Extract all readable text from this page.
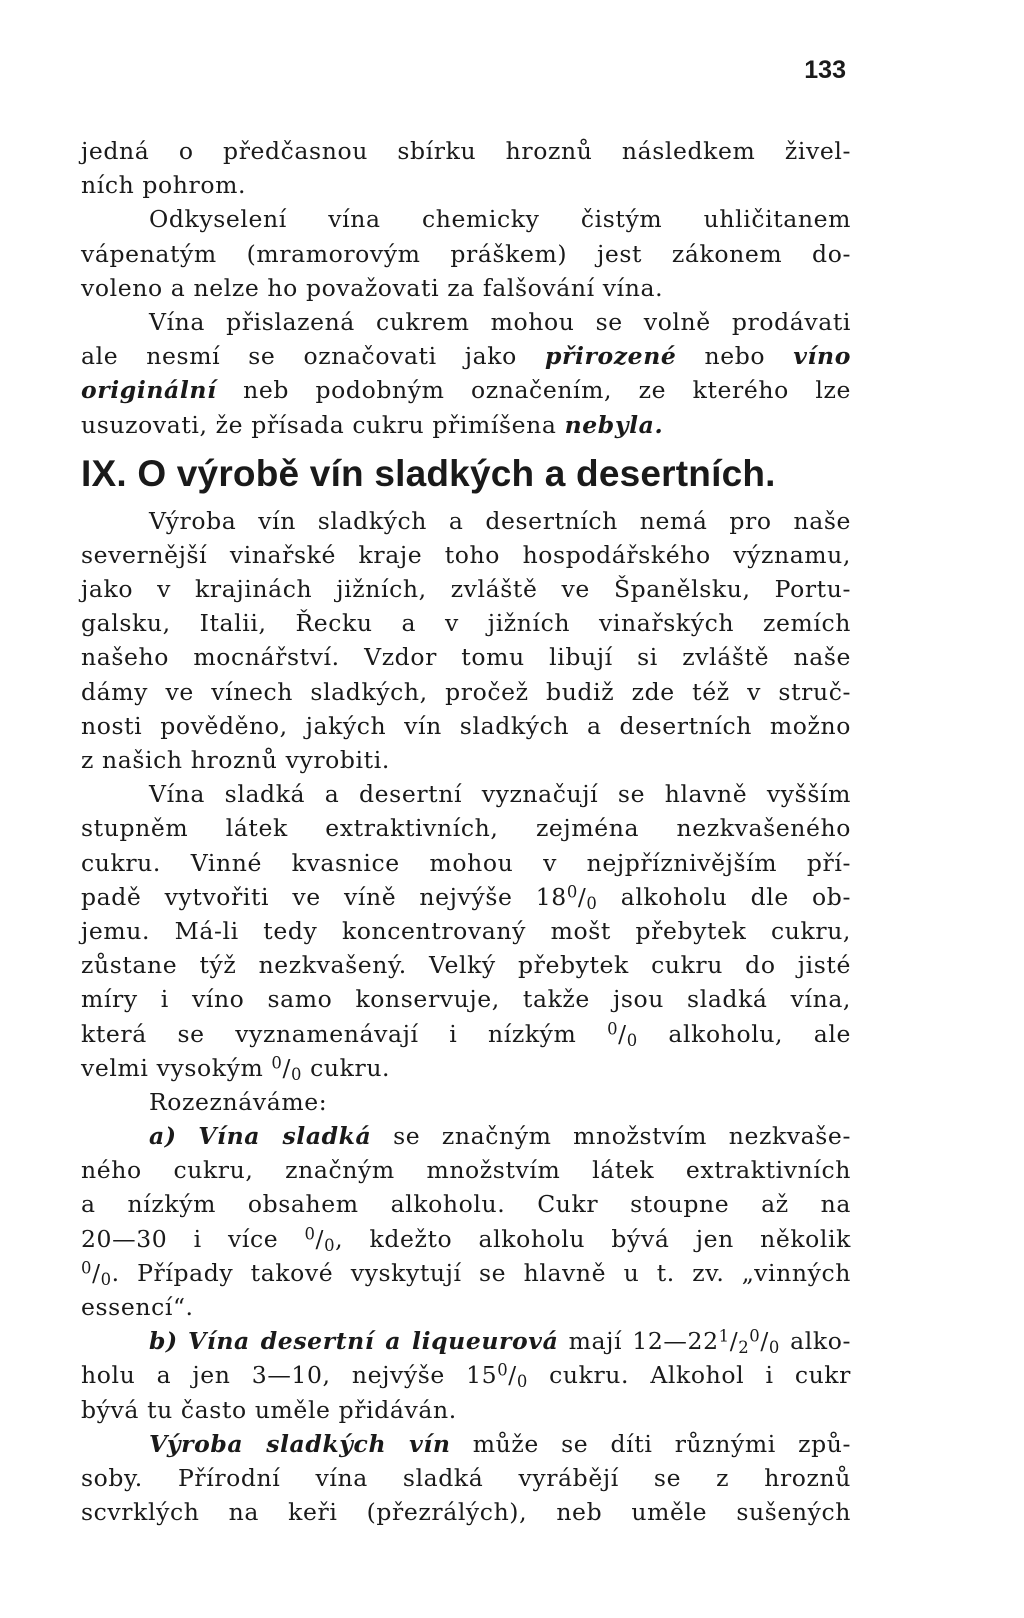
133
jedná o předčasnou sbírku hroznů následkem živel-
ních pohrom.
Odkyselení vína chemicky čistým uhličitanem
vápenatým (mramorovým práškem) jest zákonem do-
voleno a nelze ho považovati za falšování vína.
Vína přislazená cukrem mohou se volně prodávati
ale nesmí se označovati jako přirozené nebo víno
originální neb podobným označením, ze kterého lze
usuzovati, že přísada cukru přimíšena nebyla.
IX. O výrobě vín sladkých a desertních.
Výroba vín sladkých a desertních nemá pro naše
severnější vinařské kraje toho hospodářského významu,
jako v krajinách jižních, zvláště ve Španělsku, Portu-
galsku, Italii, Řecku a v jižních vinařských zemích
našeho mocnářství. Vzdor tomu libují si zvláště naše
dámy ve vínech sladkých, pročež budiž zde též v struč-
nosti pověděno, jakých vín sladkých a desertních možno
z našich hroznů vyrobiti.
Vína sladká a desertní vyznačují se hlavně vyšším
stupněm látek extraktivních, zejména nezkvašeného
cukru. Vinné kvasnice mohou v nejpříznivějším pří-
padě vytvořiti ve víně nejvýše $18^0/_0$ alkoholu dle ob-
jemu. Má-li tedy koncentrovaný mošt přebytek cukru,
zůstane týž nezkvašený. Velký přebytek cukru do jisté
míry i víno samo konservuje, takže jsou sladká vína,
která se vyznamenávají i nízkým $^0/_0$ alkoholu, ale
velmi vysokým $^0/_0$ cukru.
Rozeznáváme:
a) Vína sladká se značným množstvím nezkvaše-
ného cukru, značným množstvím látek extraktivních
a nízkým obsahem alkoholu. Cukr stoupne až na
20—30 i více $^0/_0$, kdežto alkoholu bývá jen několik
$^0/_0$. Případy takové vyskytují se hlavně u t. zv. „vinných
essencí“.
b) Vína desertní a liqueurová mají $12—22^1/_2^0/_0$ alko-
holu a jen 3—10, nejvýše $15^0/_0$ cukru. Alkohol i cukr
bývá tu často uměle přidáván.
Výroba sladkých vín může se díti různými způ-
soby. Přírodní vína sladká vyrábějí se z hroznů
scvrklých na keři (přezrálých), neb uměle sušených
